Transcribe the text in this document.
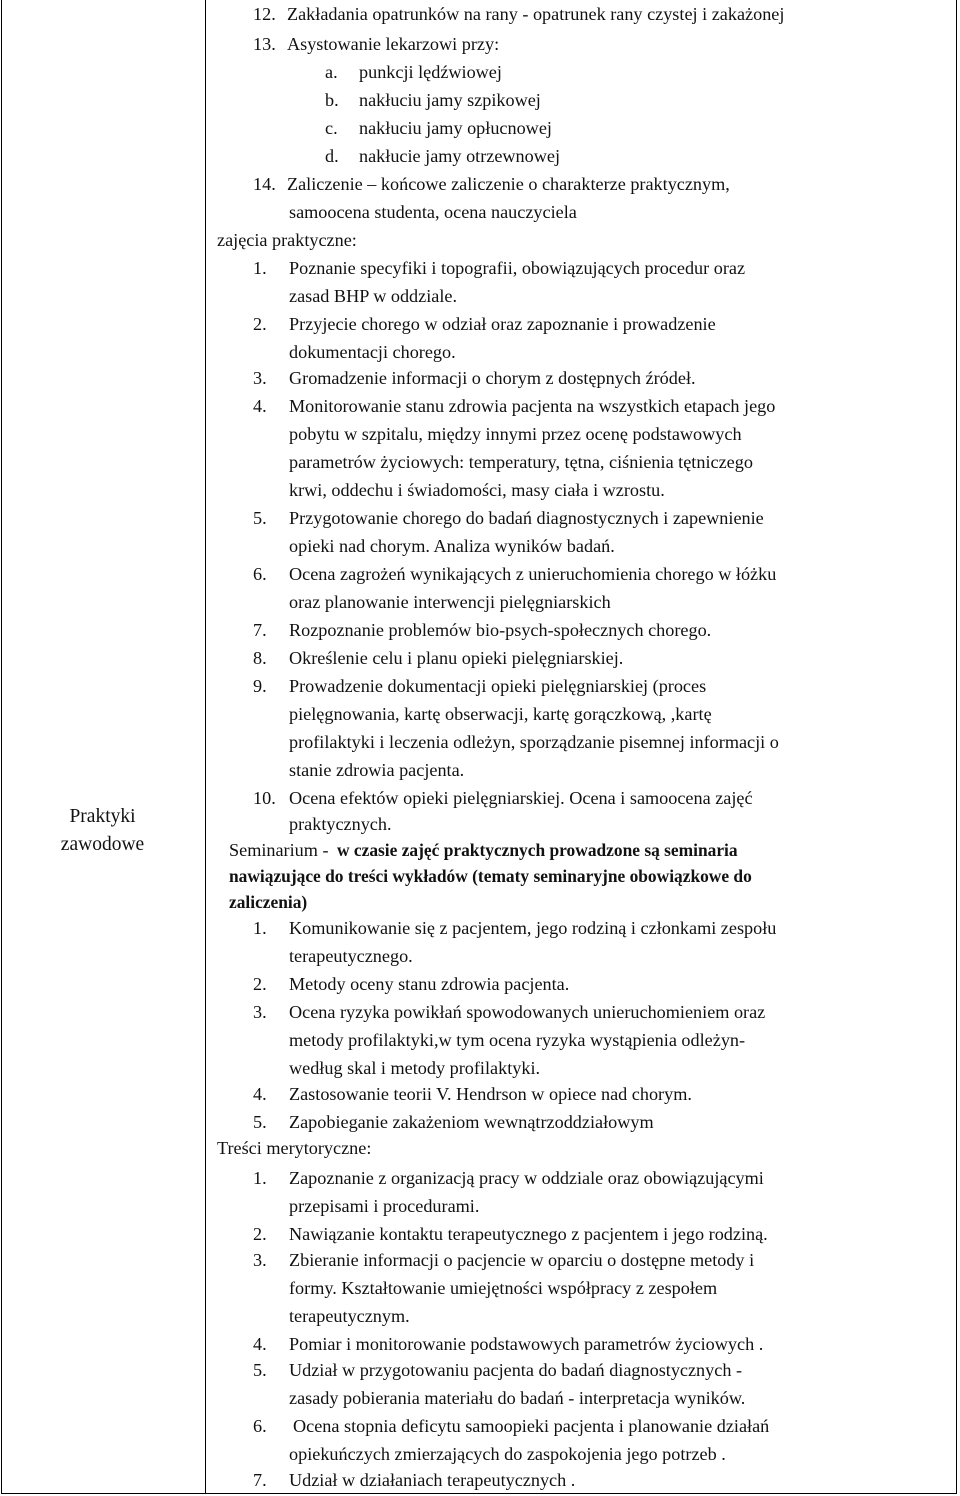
Praktyki
zawodowe
12. Zakładania opatrunków na rany - opatrunek rany czystej i zakażonej
13. Asystowanie lekarzowi przy:
a. punkcji lędźwiowej
b. nakłuciu jamy szpikowej
c. nakłuciu jamy opłucnowej
d. nakłucie jamy otrzewnowej
14. Zaliczenie – końcowe zaliczenie o charakterze praktycznym,
samoocena studenta, ocena nauczyciela
zajęcia praktyczne:
1. Poznanie specyfiki i topografii, obowiązujących procedur oraz
zasad BHP w oddziale.
2. Przyjecie chorego w odział oraz zapoznanie i prowadzenie
dokumentacji chorego.
3. Gromadzenie informacji o chorym z dostępnych źródeł.
4. Monitorowanie stanu zdrowia pacjenta na wszystkich etapach jego
pobytu w szpitalu, między innymi przez ocenę podstawowych
parametrów życiowych: temperatury, tętna, ciśnienia tętniczego
krwi, oddechu i świadomości, masy ciała i wzrostu.
5. Przygotowanie chorego do badań diagnostycznych i zapewnienie
opieki nad chorym. Analiza wyników badań.
6. Ocena zagrożeń wynikających z unieruchomienia chorego w łóżku
oraz planowanie interwencji pielęgniarskich
7. Rozpoznanie problemów bio-psych-społecznych chorego.
8. Określenie celu i planu opieki pielęgniarskiej.
9. Prowadzenie dokumentacji opieki pielęgniarskiej (proces
pielęgnowania, kartę obserwacji, kartę gorączkową, ,kartę
profilaktyki i leczenia odleżyn, sporządzanie pisemnej informacji o
stanie zdrowia pacjenta.
10. Ocena efektów opieki pielęgniarskiej. Ocena i samoocena zajęć
praktycznych.
Seminarium - w czasie zajęć praktycznych prowadzone są seminaria
nawiązujące do treści wykładów (tematy seminaryjne obowiązkowe do
zaliczenia)
1. Komunikowanie się z pacjentem, jego rodziną i członkami zespołu
terapeutycznego.
2. Metody oceny stanu zdrowia pacjenta.
3. Ocena ryzyka powikłań spowodowanych unieruchomieniem oraz
metody profilaktyki,w tym ocena ryzyka wystąpienia odleżyn-
według skal i metody profilaktyki.
4. Zastosowanie teorii V. Hendrson w opiece nad chorym.
5. Zapobieganie zakażeniom wewnątrzoddziałowym
Treści merytoryczne:
1. Zapoznanie z organizacją pracy w oddziale oraz obowiązującymi
przepisami i procedurami.
2. Nawiązanie kontaktu terapeutycznego z pacjentem i jego rodziną.
3. Zbieranie informacji o pacjencie w oparciu o dostępne metody i
formy. Kształtowanie umiejętności współpracy z zespołem
terapeutycznym.
4. Pomiar i monitorowanie podstawowych parametrów życiowych .
5. Udział w przygotowaniu pacjenta do badań diagnostycznych -
zasady pobierania materiału do badań - interpretacja wyników.
6. Ocena stopnia deficytu samoopieki pacjenta i planowanie działań
opiekuńczych zmierzających do zaspokojenia jego potrzeb .
7. Udział w działaniach terapeutycznych .
